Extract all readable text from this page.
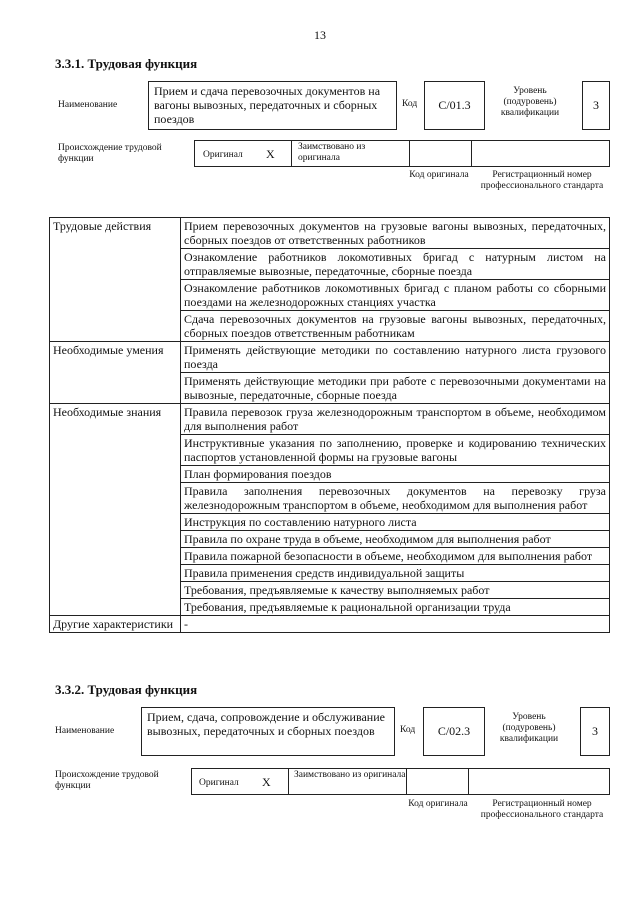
13
3.3.1. Трудовая функция
Наименование
Прием и сдача перевозочных документов на вагоны вывозных, передаточных и сборных поездов
Код	С/01.3
Уровень (подуровень) квалификации
3
Происхождение трудовой функции	Оригинал X Заимствовано из оригинала
Код оригинала	Регистрационный номер профессионального стандарта
Трудовые действия	Прием перевозочных документов на грузовые вагоны вывозных, передаточных, сборных поездов от ответственных работников
	Ознакомление работников локомотивных бригад с натурным листом на отправляемые вывозные, передаточные, сборные поезда
	Ознакомление работников локомотивных бригад с планом работы со сборными поездами на железнодорожных станциях участка
	Сдача перевозочных документов на грузовые вагоны вывозных, передаточных, сборных поездов ответственным работникам
Необходимые умения	Применять действующие методики по составлению натурного листа грузового поезда
	Применять действующие методики при работе с перевозочными документами на вывозные, передаточные, сборные поезда
Необходимые знания	Правила перевозок груза железнодорожным транспортом в объеме, необходимом для выполнения работ
	Инструктивные указания по заполнению, проверке и кодированию технических паспортов установленной формы на грузовые вагоны
	План формирования поездов
	Правила заполнения перевозочных документов на перевозку груза железнодорожным транспортом в объеме, необходимом для выполнения работ
	Инструкция по составлению натурного листа
	Правила по охране труда в объеме, необходимом для выполнения работ
	Правила пожарной безопасности в объеме, необходимом для выполнения работ
	Правила применения средств индивидуальной защиты
	Требования, предъявляемые к качеству выполняемых работ
	Требования, предъявляемые к рациональной организации труда
Другие характеристики	-
3.3.2. Трудовая функция
Наименование
Прием, сдача, сопровождение и обслуживание вывозных, передаточных и сборных поездов	Код	С/02.3
Уровень (подуровень) квалификации
3
Происхождение трудовой функции	Оригинал X Заимствовано из оригинала
Код оригинала	Регистрационный номер профессионального стандарта
